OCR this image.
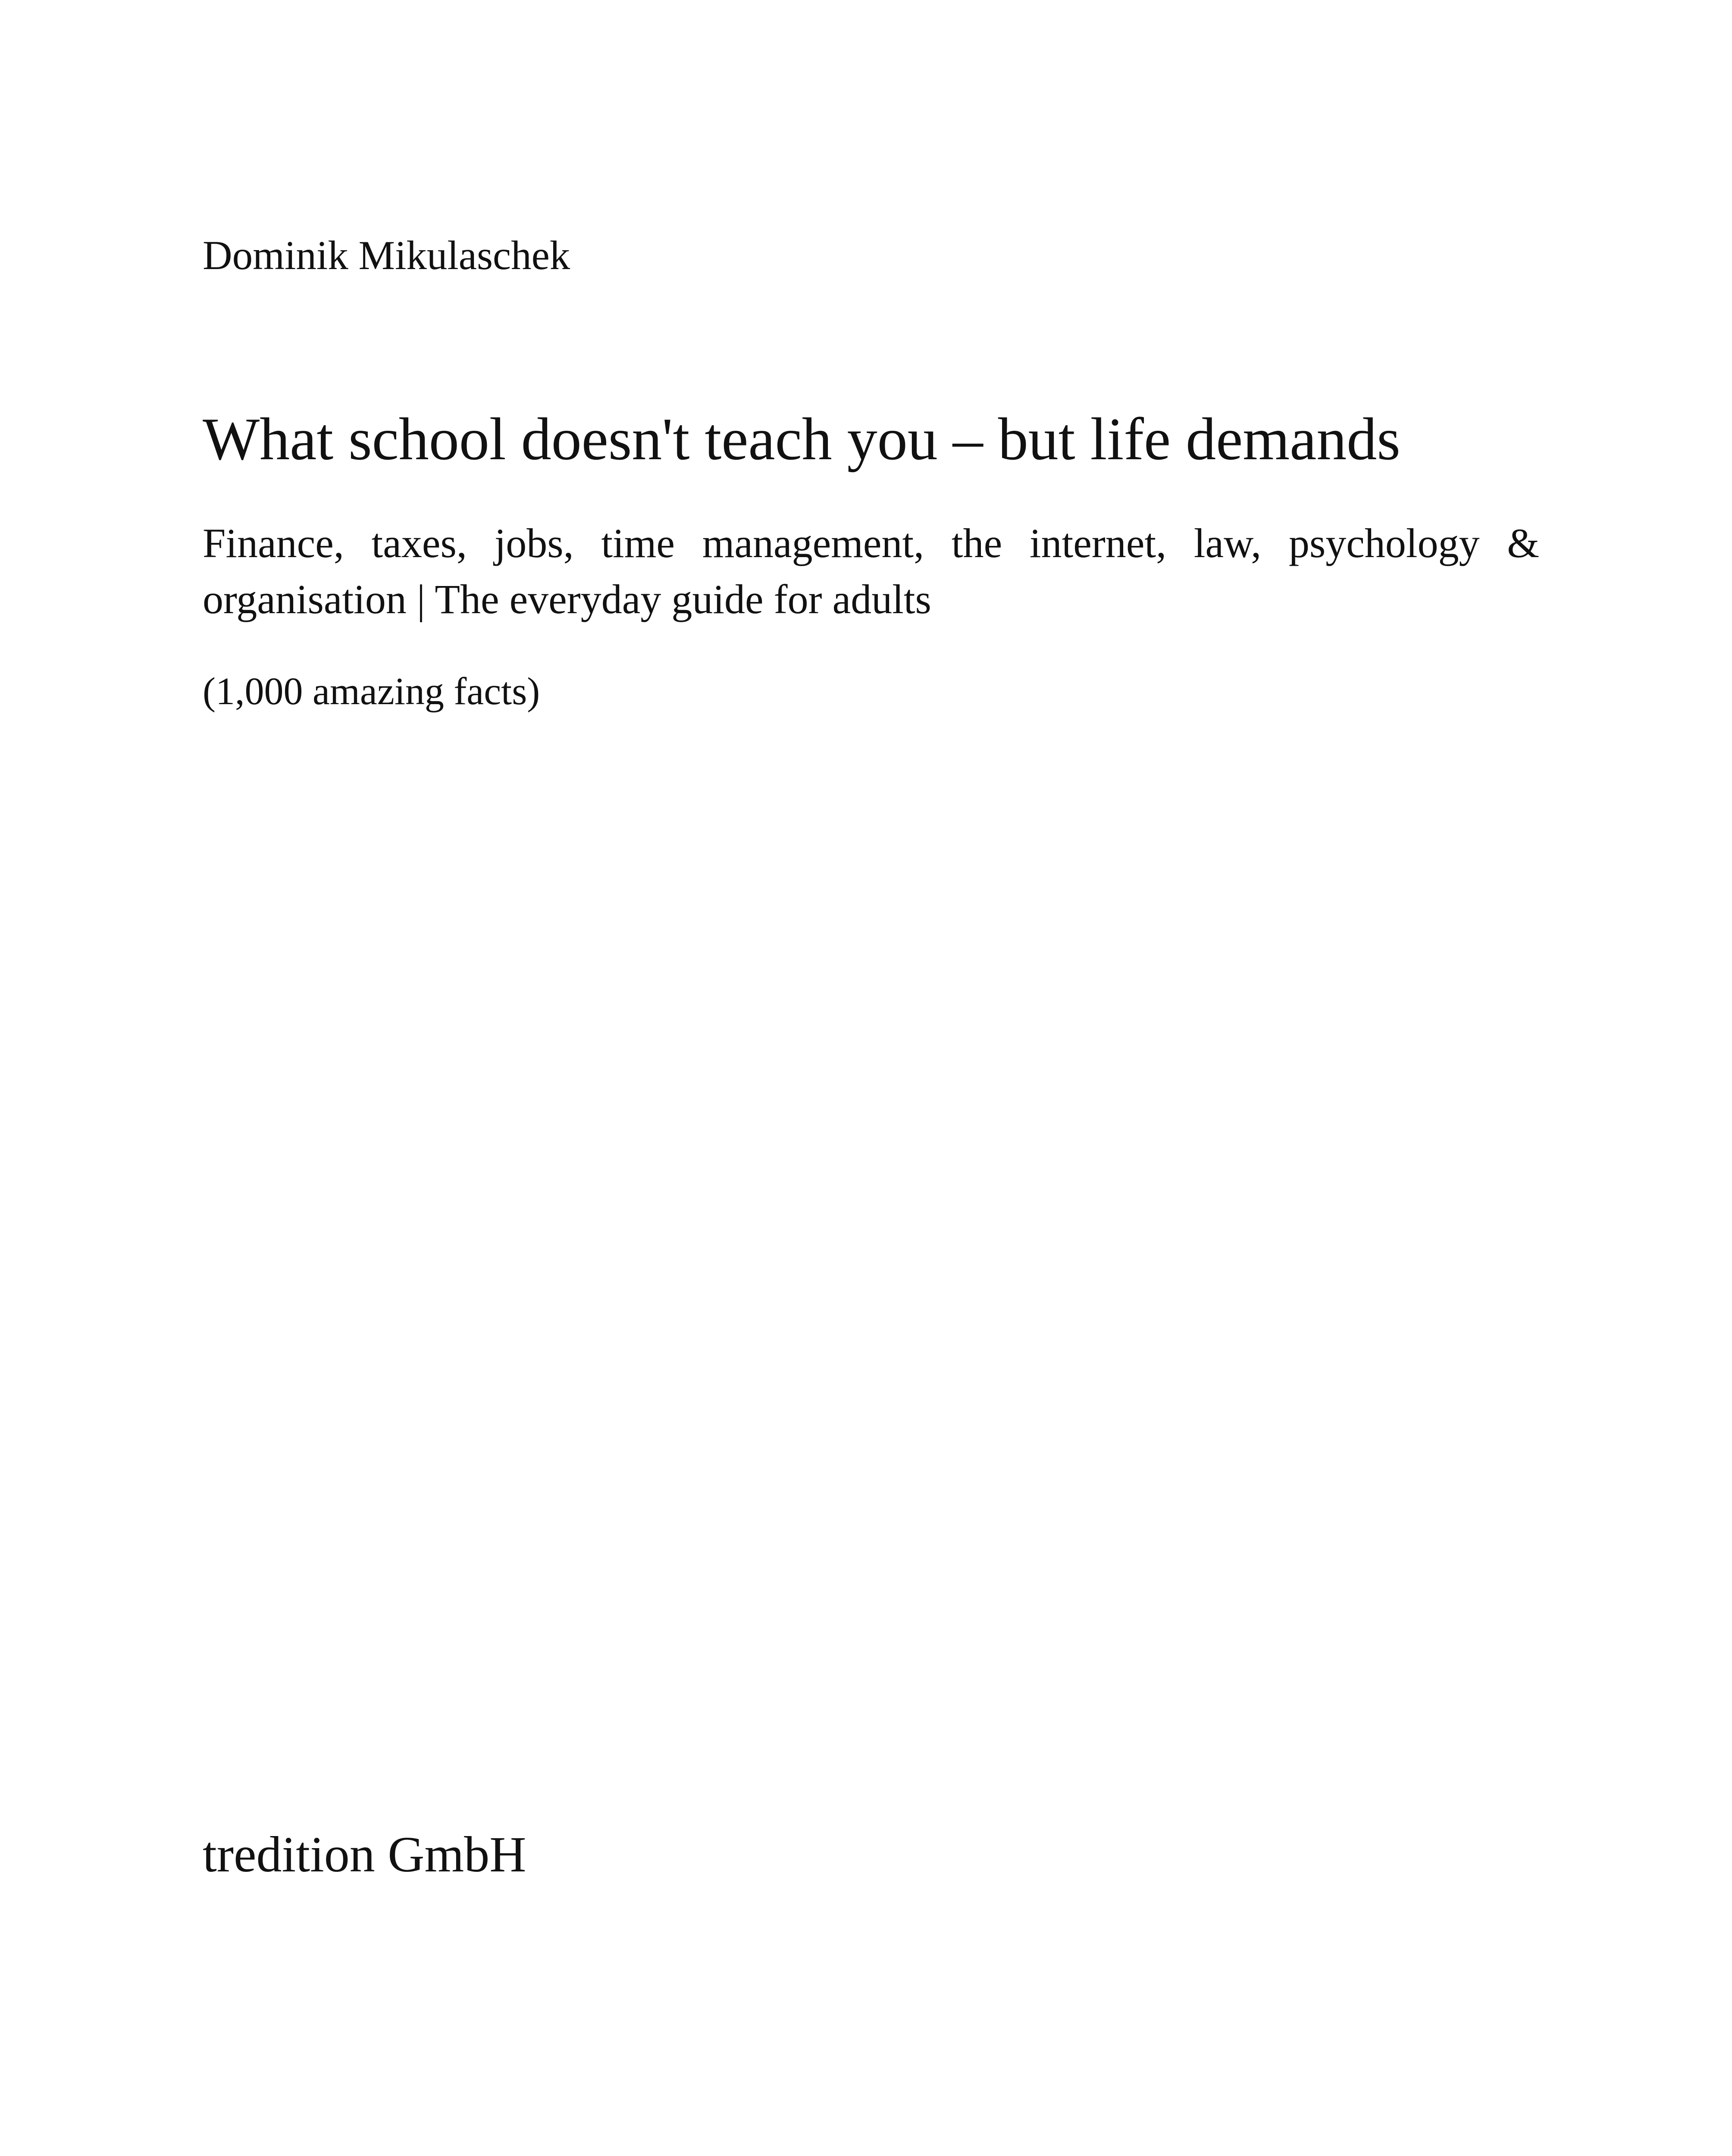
Dominik Mikulaschek
What school doesn't teach you – but life demands
Finance, taxes, jobs, time management, the internet, law, psychology & organisation | The everyday guide for adults
(1,000 amazing facts)
tredition GmbH
